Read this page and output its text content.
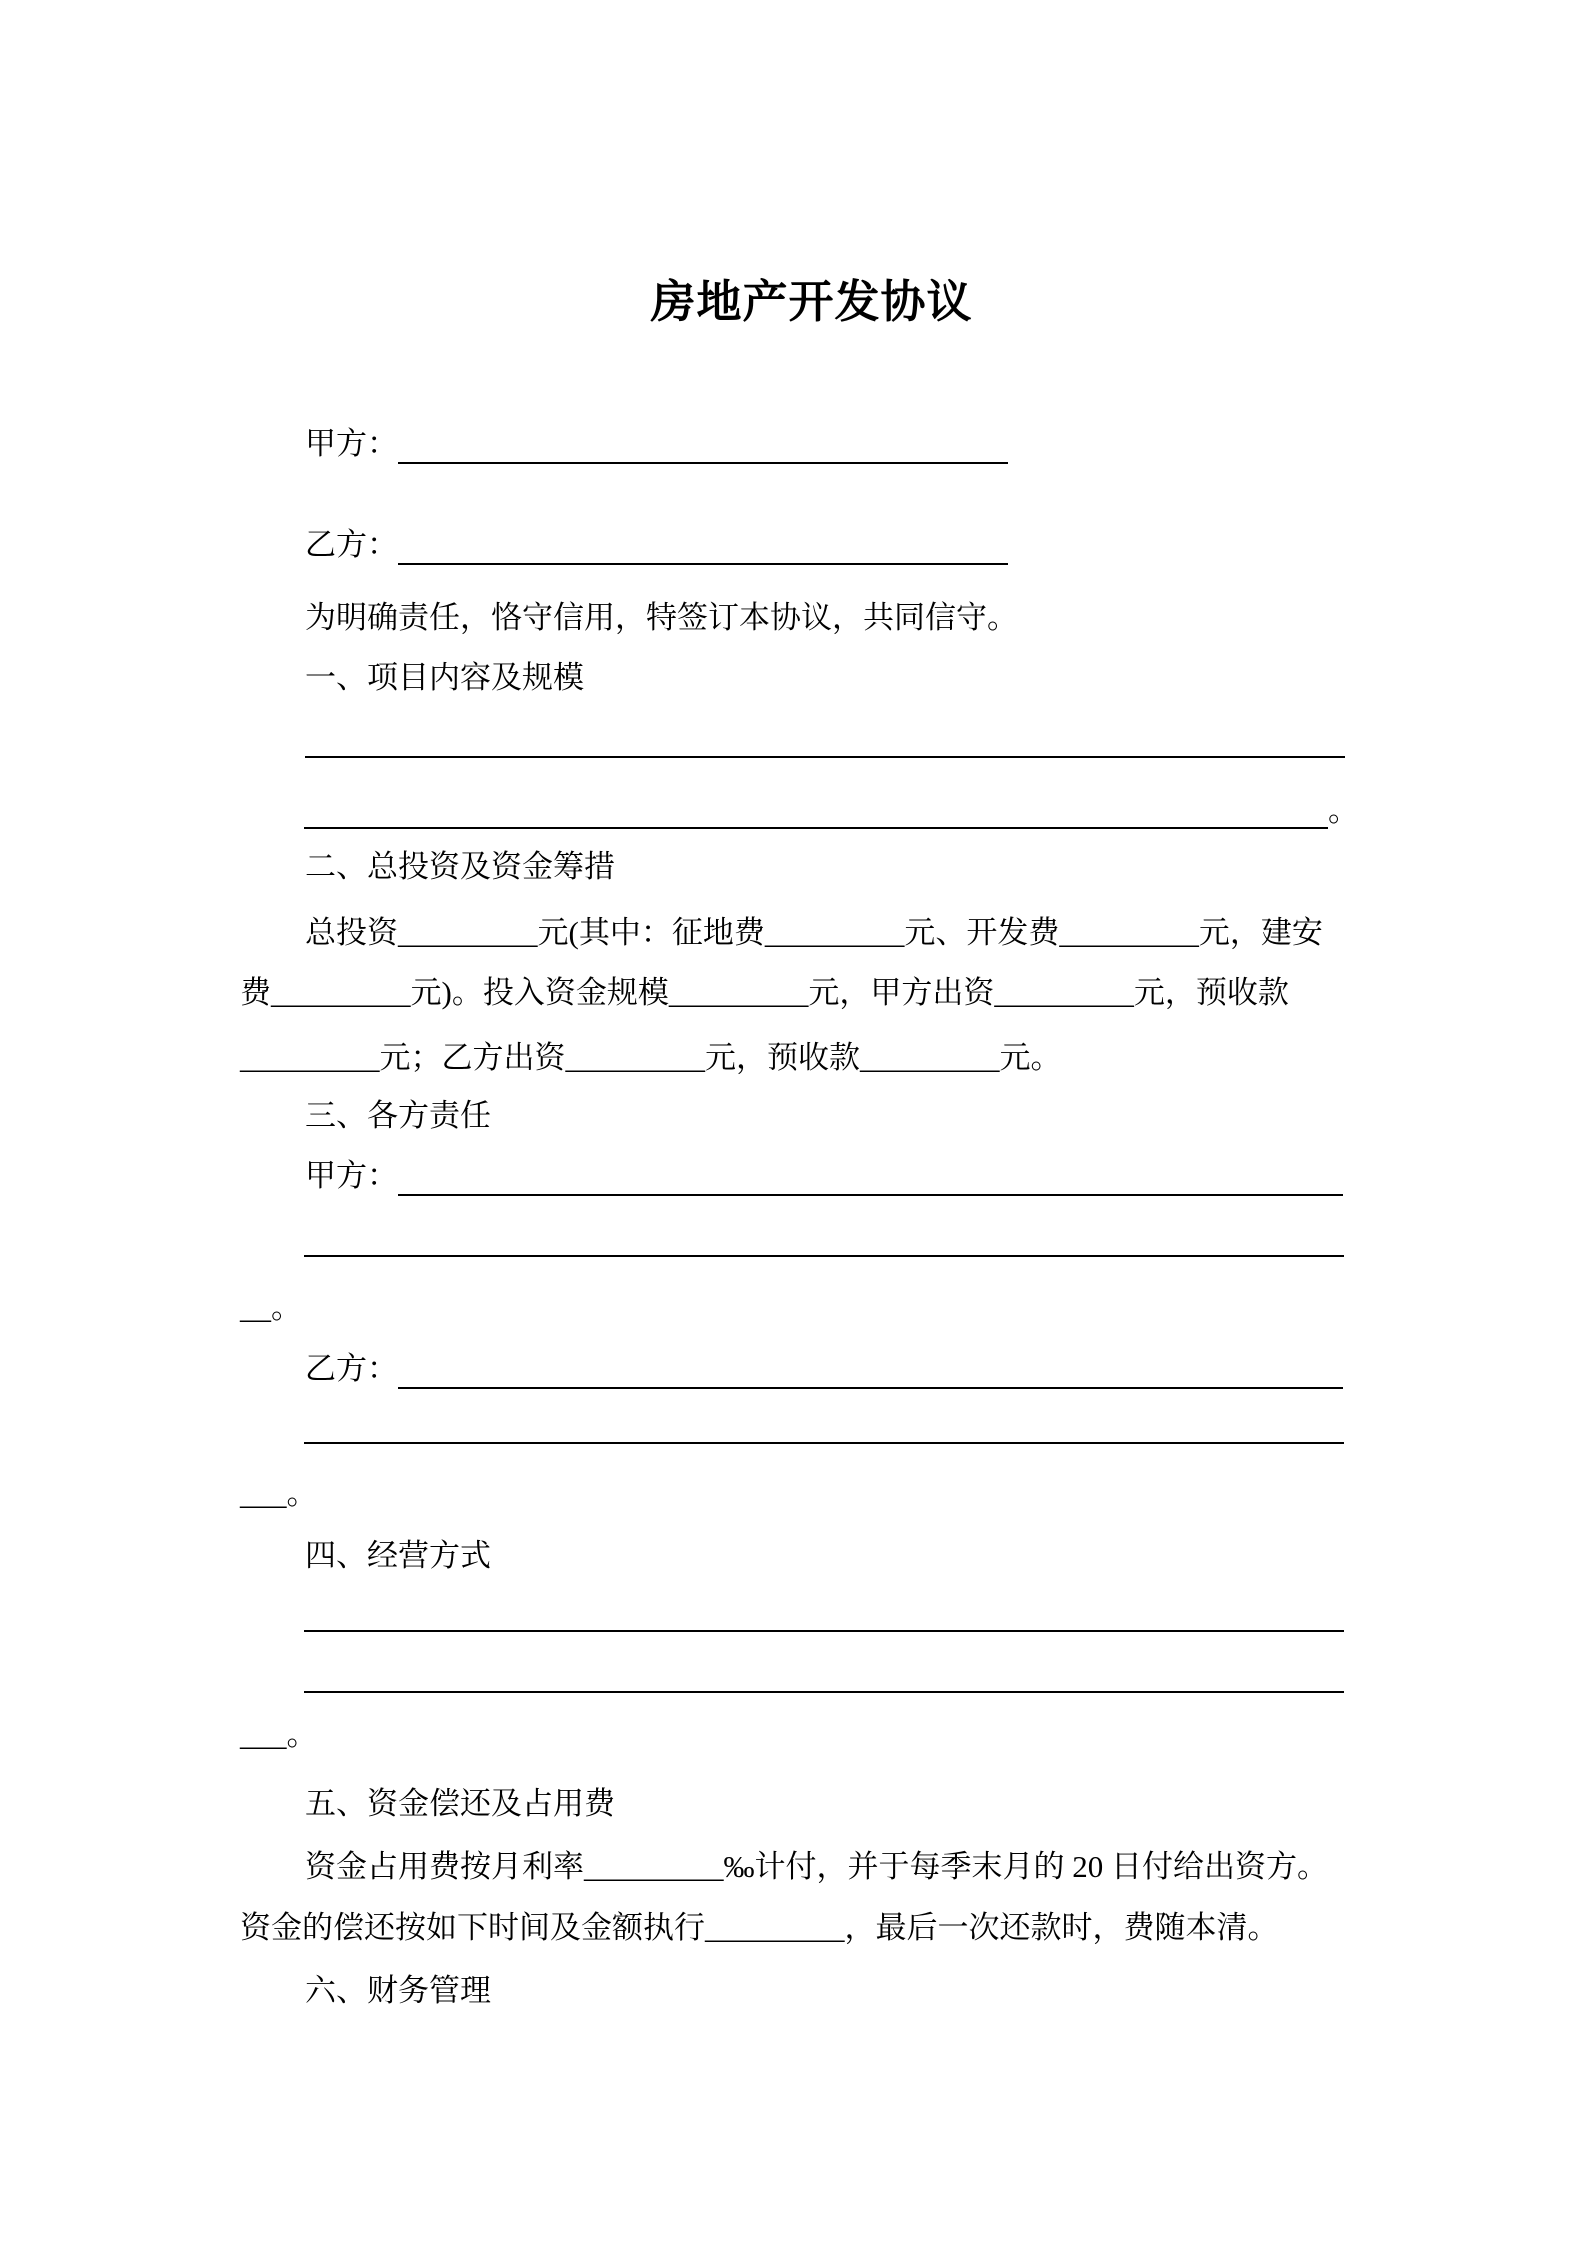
房地产开发协议
甲方：
乙方：
为明确责任，恪守信用，特签订本协议，共同信守。
一、项目内容及规模
。
二、总投资及资金筹措
总投资_________元(其中：征地费_________元、开发费_________元，建安
费_________元)。投入资金规模_________元，甲方出资_________元，预收款
_________元；乙方出资_________元，预收款_________元。
三、各方责任
甲方：
__。
乙方：
___。
四、经营方式
___。
五、资金偿还及占用费
资金占用费按月利率_________‰计付，并于每季末月的 20 日付给出资方。
资金的偿还按如下时间及金额执行_________，最后一次还款时，费随本清。
六、财务管理
